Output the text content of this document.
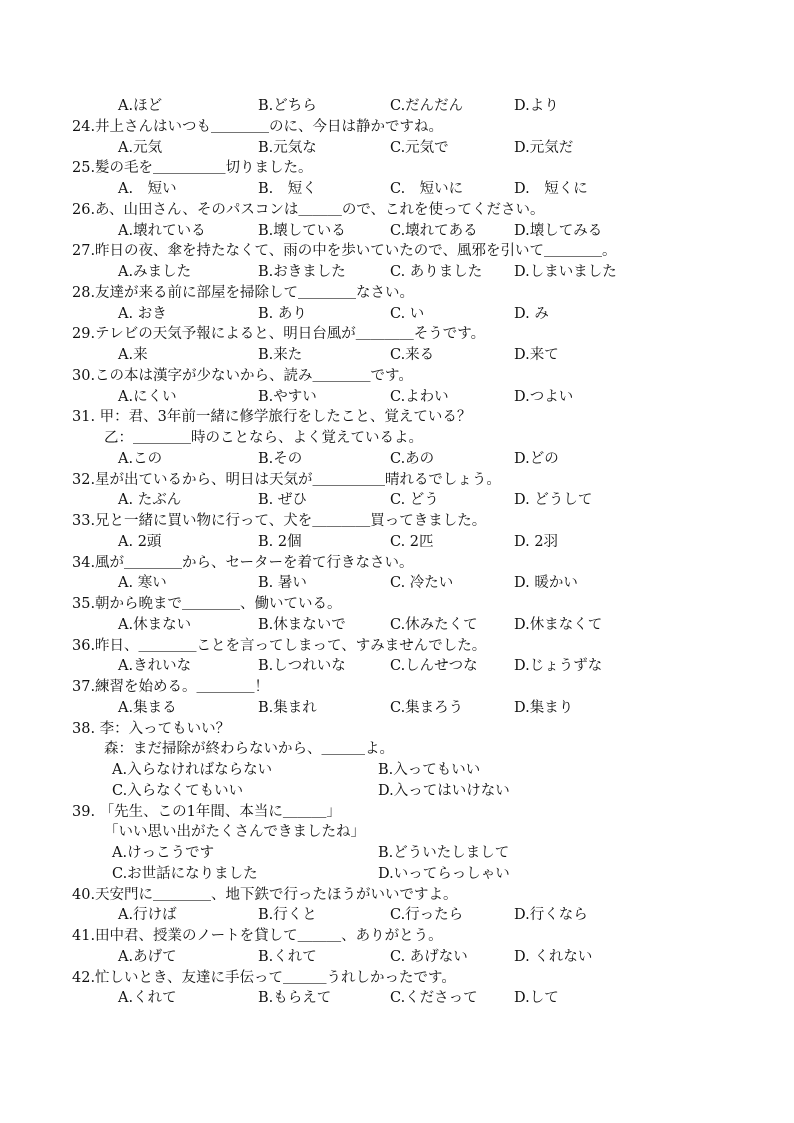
A.ほど	B.どちら	C.だんだん	D.より
24.井上さんはいつも＿＿＿＿のに、今日は静かですね。
A.元気	B.元気な	C.元気で	D.元気だ
25.髪の毛を＿＿＿＿＿切りました。
A.　短い	B.　短く	C.　短いに	D.　短くに
26.あ、山田さん、そのパスコンは＿＿＿ので、これを使ってください。
A.壊れている	B.壊している	C.壊れてある	D.壊してみる
27.昨日の夜、傘を持たなくて、雨の中を歩いていたので、風邪を引いて＿＿＿＿。
A.みました	B.おきました	C. ありました D.しまいました
28.友達が来る前に部屋を掃除して＿＿＿＿なさい。
A. おき	B. あり	C. い	D. み
29.テレビの天気予報によると、明日台風が＿＿＿＿そうです。
A.来	B.来た	C.来る	D.来て
30.この本は漢字が少ないから、読み＿＿＿＿です。
A.にくい	B.やすい	C.よわい	D.つよい
31. 甲：君、3年前一緒に修学旅行をしたこと、覚えている？
乙：＿＿＿＿時のことなら、よく覚えているよ。
A.この	B.その	C.あの	D.どの
32.星が出ているから、明日は天気が＿＿＿＿＿晴れるでしょう。
A. たぶん	B. ぜひ	C. どう	D. どうして
33.兄と一緒に買い物に行って、犬を＿＿＿＿買ってきました。
A. 2頭	B. 2個	C. 2匹	D. 2羽
34.風が＿＿＿＿から、セーターを着て行きなさい。
A. 寒い	B. 暑い	C. 冷たい	D. 暖かい
35.朝から晩まで＿＿＿＿、働いている。
A.休まない	B.休まないで	C.休みたくて	D.休まなくて
36.昨日、＿＿＿＿ことを言ってしまって、すみませんでした。
A.きれいな	B.しつれいな	C.しんせつな	D.じょうずな
37.練習を始める。＿＿＿＿！
A.集まる	B.集まれ	C.集まろう	D.集まり
38. 李：入ってもいい？
森：まだ掃除が終わらないから、＿＿＿よ。
A.入らなければならない	B.入ってもいい
C.入らなくてもいい	D.入ってはいけない
39. 「先生、この1年間、本当に＿＿＿」
「いい思い出がたくさんできましたね」
A.けっこうです	B.どういたしまして
C.お世話になりました	D.いってらっしゃい
40.天安門に＿＿＿＿、地下鉄で行ったほうがいいですよ。
A.行けば	B.行くと	C.行ったら	D.行くなら
41.田中君、授業のノートを貸して＿＿＿、ありがとう。
A.あげて	B.くれて	C. あげない	D. くれない
42.忙しいとき、友達に手伝って＿＿＿うれしかったです。
A.くれて	B.もらえて	C.くださって	D.して
